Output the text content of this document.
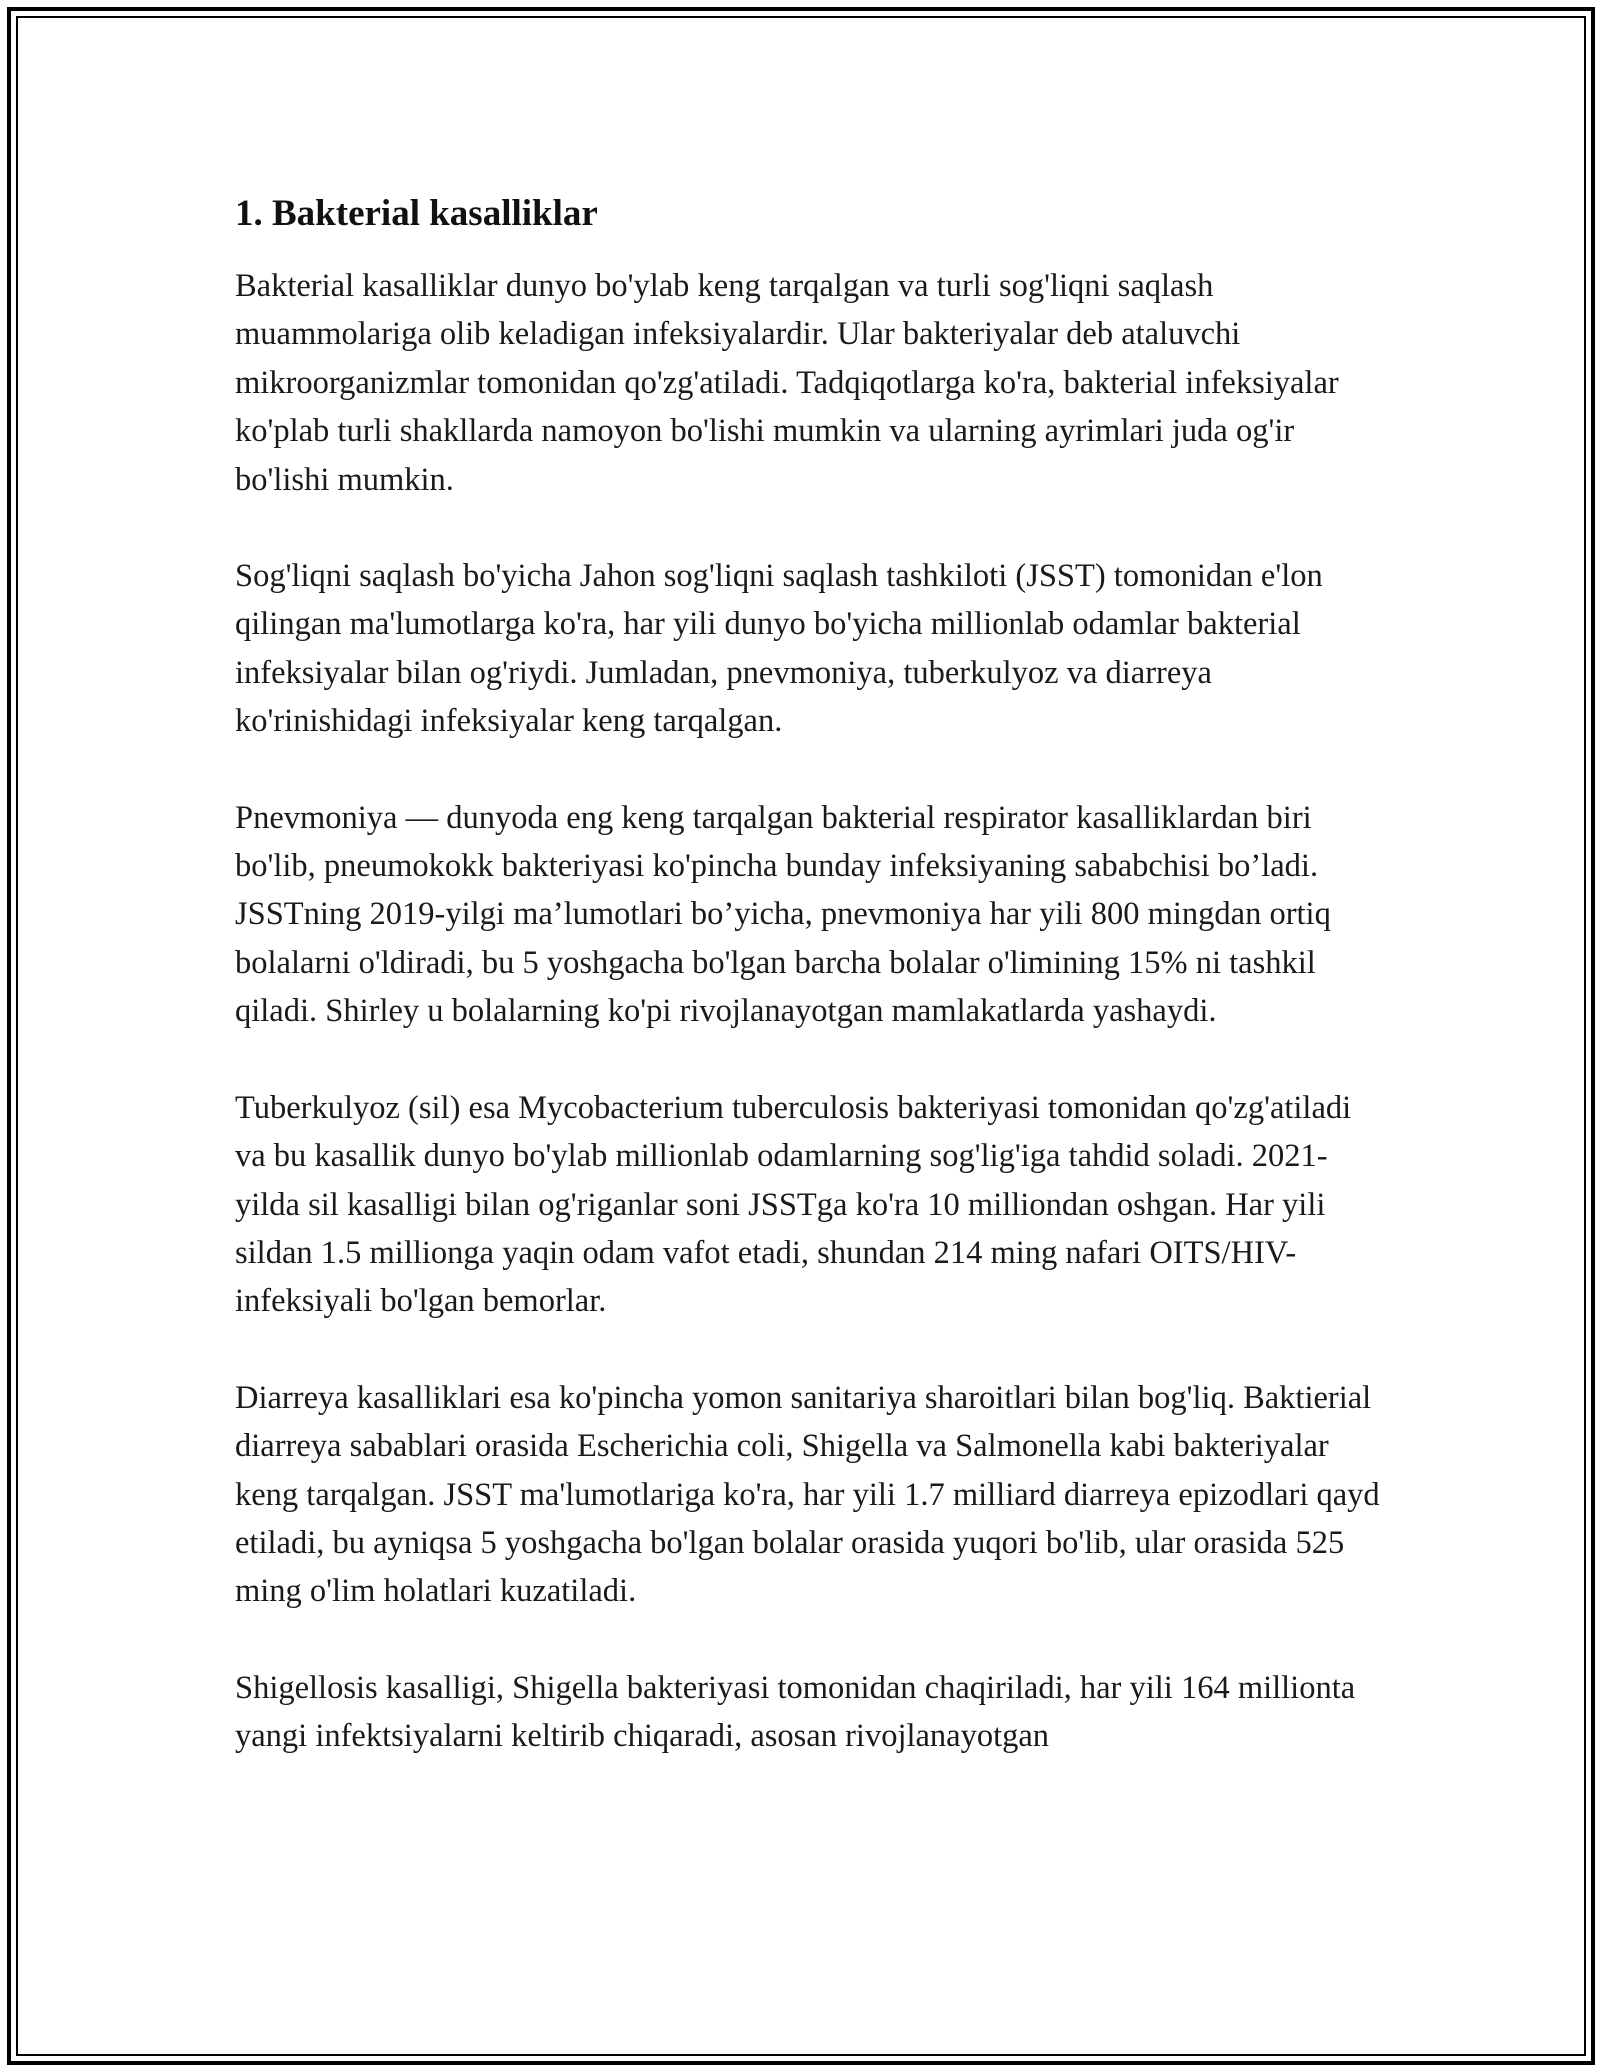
1. Bakterial kasalliklar

Bakterial kasalliklar dunyo bo'ylab keng tarqalgan va turli sog'liqni saqlash muammolariga olib keladigan infeksiyalardir. Ular bakteriyalar deb ataluvchi mikroorganizmlar tomonidan qo'zg'atiladi. Tadqiqotlarga ko'ra, bakterial infeksiyalar ko'plab turli shakllarda namoyon bo'lishi mumkin va ularning ayrimlari juda og'ir bo'lishi mumkin.

Sog'liqni saqlash bo'yicha Jahon sog'liqni saqlash tashkiloti (JSST) tomonidan e'lon qilingan ma'lumotlarga ko'ra, har yili dunyo bo'yicha millionlab odamlar bakterial infeksiyalar bilan og'riydi. Jumladan, pnevmoniya, tuberkulyoz va diarreya ko'rinishidagi infeksiyalar keng tarqalgan.

Pnevmoniya — dunyoda eng keng tarqalgan bakterial respirator kasalliklardan biri bo'lib, pneumokokk bakteriyasi ko'pincha bunday infeksiyaning sababchisi bo’ladi. JSSTning 2019-yilgi ma’lumotlari bo’yicha, pnevmoniya har yili 800 mingdan ortiq bolalarni o'ldiradi, bu 5 yoshgacha bo'lgan barcha bolalar o'limining 15% ni tashkil qiladi. Shirley u bolalarning ko'pi rivojlanayotgan mamlakatlarda yashaydi.

Tuberkulyoz (sil) esa Mycobacterium tuberculosis bakteriyasi tomonidan qo'zg'atiladi va bu kasallik dunyo bo'ylab millionlab odamlarning sog'lig'iga tahdid soladi. 2021-yilda sil kasalligi bilan og'riganlar soni JSSTga ko'ra 10 milliondan oshgan. Har yili sildan 1.5 millionga yaqin odam vafot etadi, shundan 214 ming nafari OITS/HIV-infeksiyali bo'lgan bemorlar.

Diarreya kasalliklari esa ko'pincha yomon sanitariya sharoitlari bilan bog'liq. Baktierial diarreya sabablari orasida Escherichia coli, Shigella va Salmonella kabi bakteriyalar keng tarqalgan. JSST ma'lumotlariga ko'ra, har yili 1.7 milliard diarreya epizodlari qayd etiladi, bu ayniqsa 5 yoshgacha bo'lgan bolalar orasida yuqori bo'lib, ular orasida 525 ming o'lim holatlari kuzatiladi.

Shigellosis kasalligi, Shigella bakteriyasi tomonidan chaqiriladi, har yili 164 millionta yangi infektsiyalarni keltirib chiqaradi, asosan rivojlanayotgan
